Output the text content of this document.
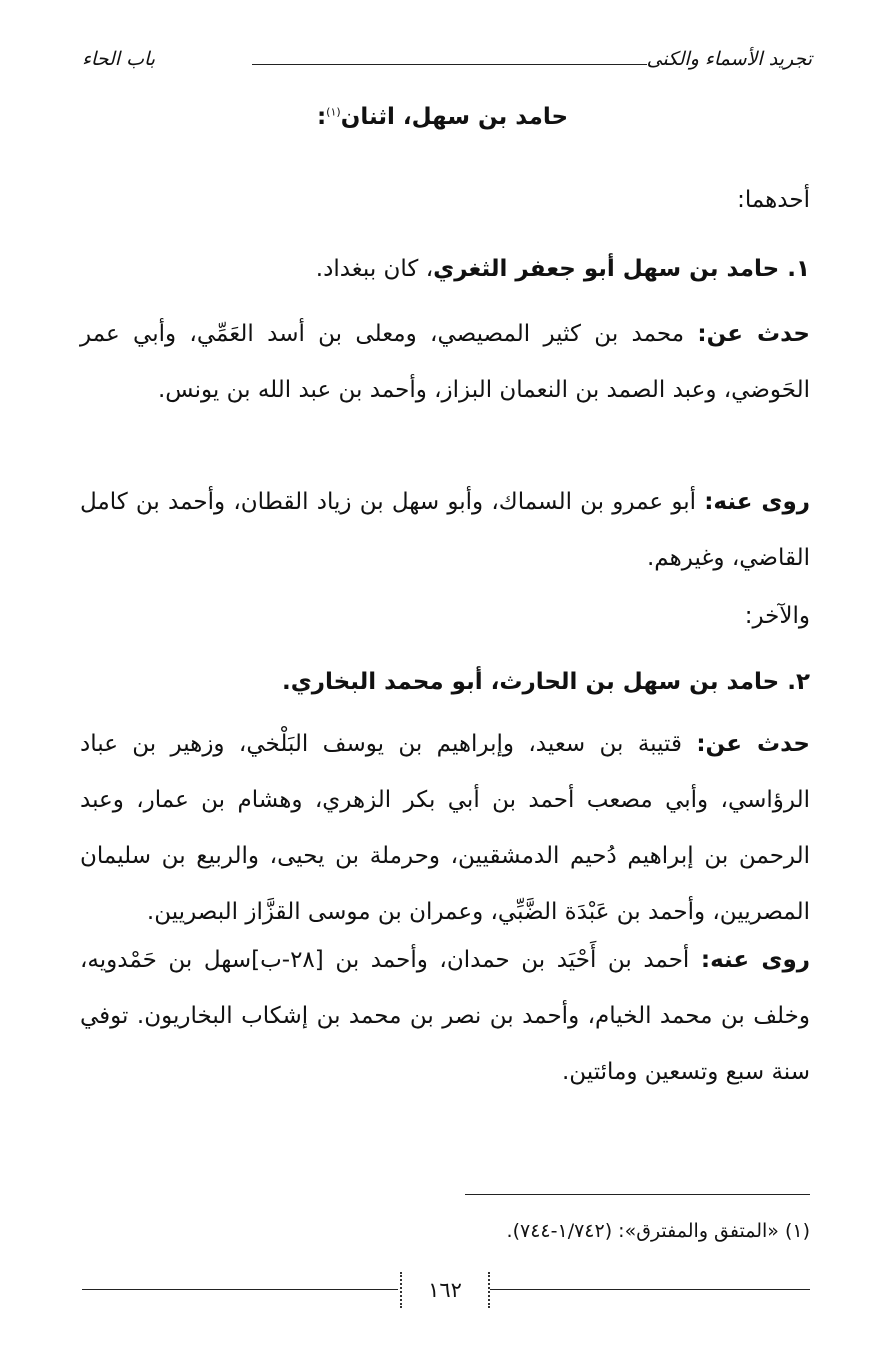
تجريد الأسماء والكنى
باب الحاء
حامد بن سهل، اثنان$^{(١)}$:

أحدهما:

١. حامد بن سهل أبو جعفر الثغري، كان ببغداد.

حدث عن: محمد بن كثير المصيصي، ومعلى بن أسد العَمِّي، وأبي عمر الحَوضي، وعبد الصمد بن النعمان البزاز، وأحمد بن عبد الله بن يونس.

روى عنه: أبو عمرو بن السماك، وأبو سهل بن زياد القطان، وأحمد بن كامل القاضي، وغيرهم.

والآخر:

٢. حامد بن سهل بن الحارث، أبو محمد البخاري.

حدث عن: قتيبة بن سعيد، وإبراهيم بن يوسف البَلْخي، وزهير بن عباد الرؤاسي، وأبي مصعب أحمد بن أبي بكر الزهري، وهشام بن عمار، وعبد الرحمن بن إبراهيم دُحيم الدمشقيين، وحرملة بن يحيى، والربيع بن سليمان المصريين، وأحمد بن عَبْدَة الضَّبِّي، وعمران بن موسى القزَّاز البصريين.

روى عنه: أحمد بن أَحْيَد بن حمدان، وأحمد بن [٢٨-ب]سهل بن حَمْدويه، وخلف بن محمد الخيام، وأحمد بن نصر بن محمد بن إشكاب البخاريون. توفي سنة سبع وتسعين ومائتين.

(١) «المتفق والمفترق»: (١/٧٤٢-٧٤٤).
١٦٢
